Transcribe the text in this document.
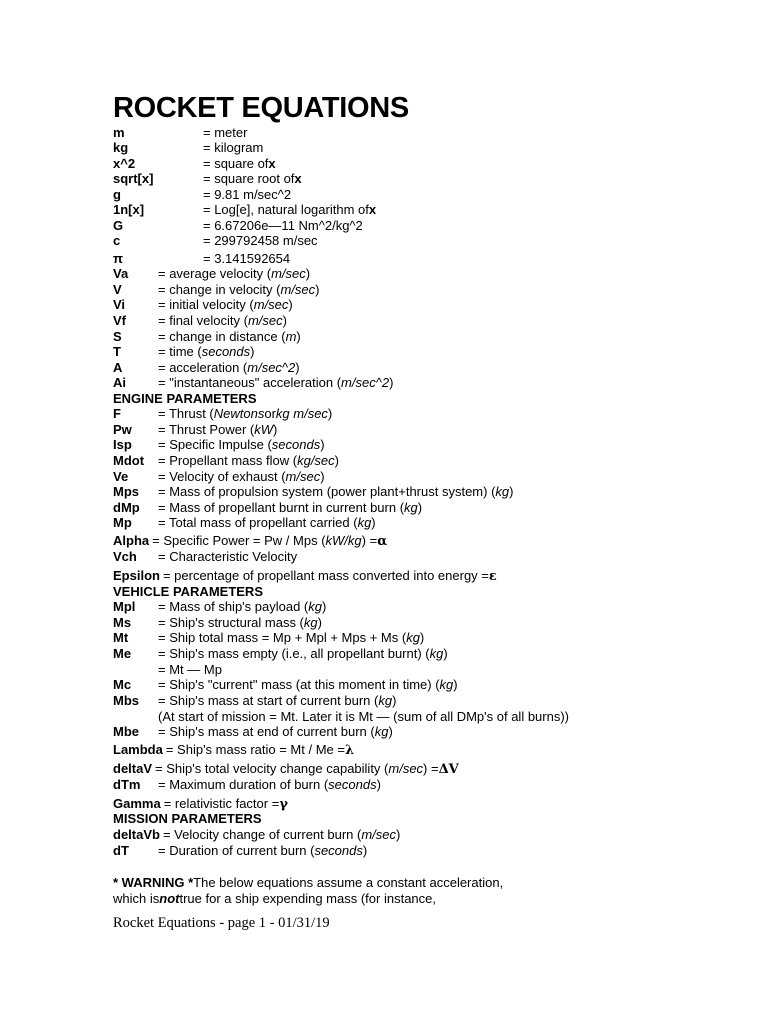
ROCKET EQUATIONS
m	= meter
kg	= kilogram
x^2	= square ofx
sqrt[x]	= square root ofx
g	= 9.81 m/sec^2
1n[x]	= Log[e], natural logarithm ofx
G	= 6.67206e—11 Nm^2/kg^2
c	= 299792458 m/sec
π	= 3.141592654
Va = average velocity (m/sec)
V	= change in velocity (m/sec)
Vi	= initial velocity (m/sec)
Vf = final velocity (m/sec)
S	= change in distance (m)
T	= time (seconds)
A	= acceleration (m/sec^2)
Ai = "instantaneous" acceleration (m/sec^2)
ENGINE PARAMETERS
F	= Thrust (Newtonsorkg m/sec)
Pw = Thrust Power (kW)
Isp = Specific Impulse (seconds)
Mdot = Propellant mass flow (kg/sec)
Ve = Velocity of exhaust (m/sec)
Mps = Mass of propulsion system (power plant+thrust system) (kg)
dMp = Mass of propellant burnt in current burn (kg)
Mp = Total mass of propellant carried (kg)
Alpha = Specific Power = Pw / Mps (kW/kg) =α
Vch = Characteristic Velocity
Epsilon = percentage of propellant mass converted into energy =ε
VEHICLE PARAMETERS
Mpl = Mass of ship's payload (kg)
Ms = Ship's structural mass (kg)
Mt = Ship total mass = Mp + Mpl + Mps + Ms (kg)
Me = Ship's mass empty (i.e., all propellant burnt) (kg)
= Mt — Mp
Mc = Ship's "current" mass (at this moment in time) (kg)
Mbs = Ship's mass at start of current burn (kg)
(At start of mission = Mt. Later it is Mt — (sum of all DMp's of all burns))
Mbe = Ship's mass at end of current burn (kg)
Lambda = Ship's mass ratio = Mt / Me =λ
deltaV = Ship's total velocity change capability (m/sec) =ΔV
dTm = Maximum duration of burn (seconds)
Gamma = relativistic factor =γ
MISSION PARAMETERS
deltaVb = Velocity change of current burn (m/sec)
dT = Duration of current burn (seconds)
* WARNING *The below equations assume a constant acceleration,
which isnottrue for a ship expending mass (for instance,
Rocket Equations - page 1 - 01/31/19
